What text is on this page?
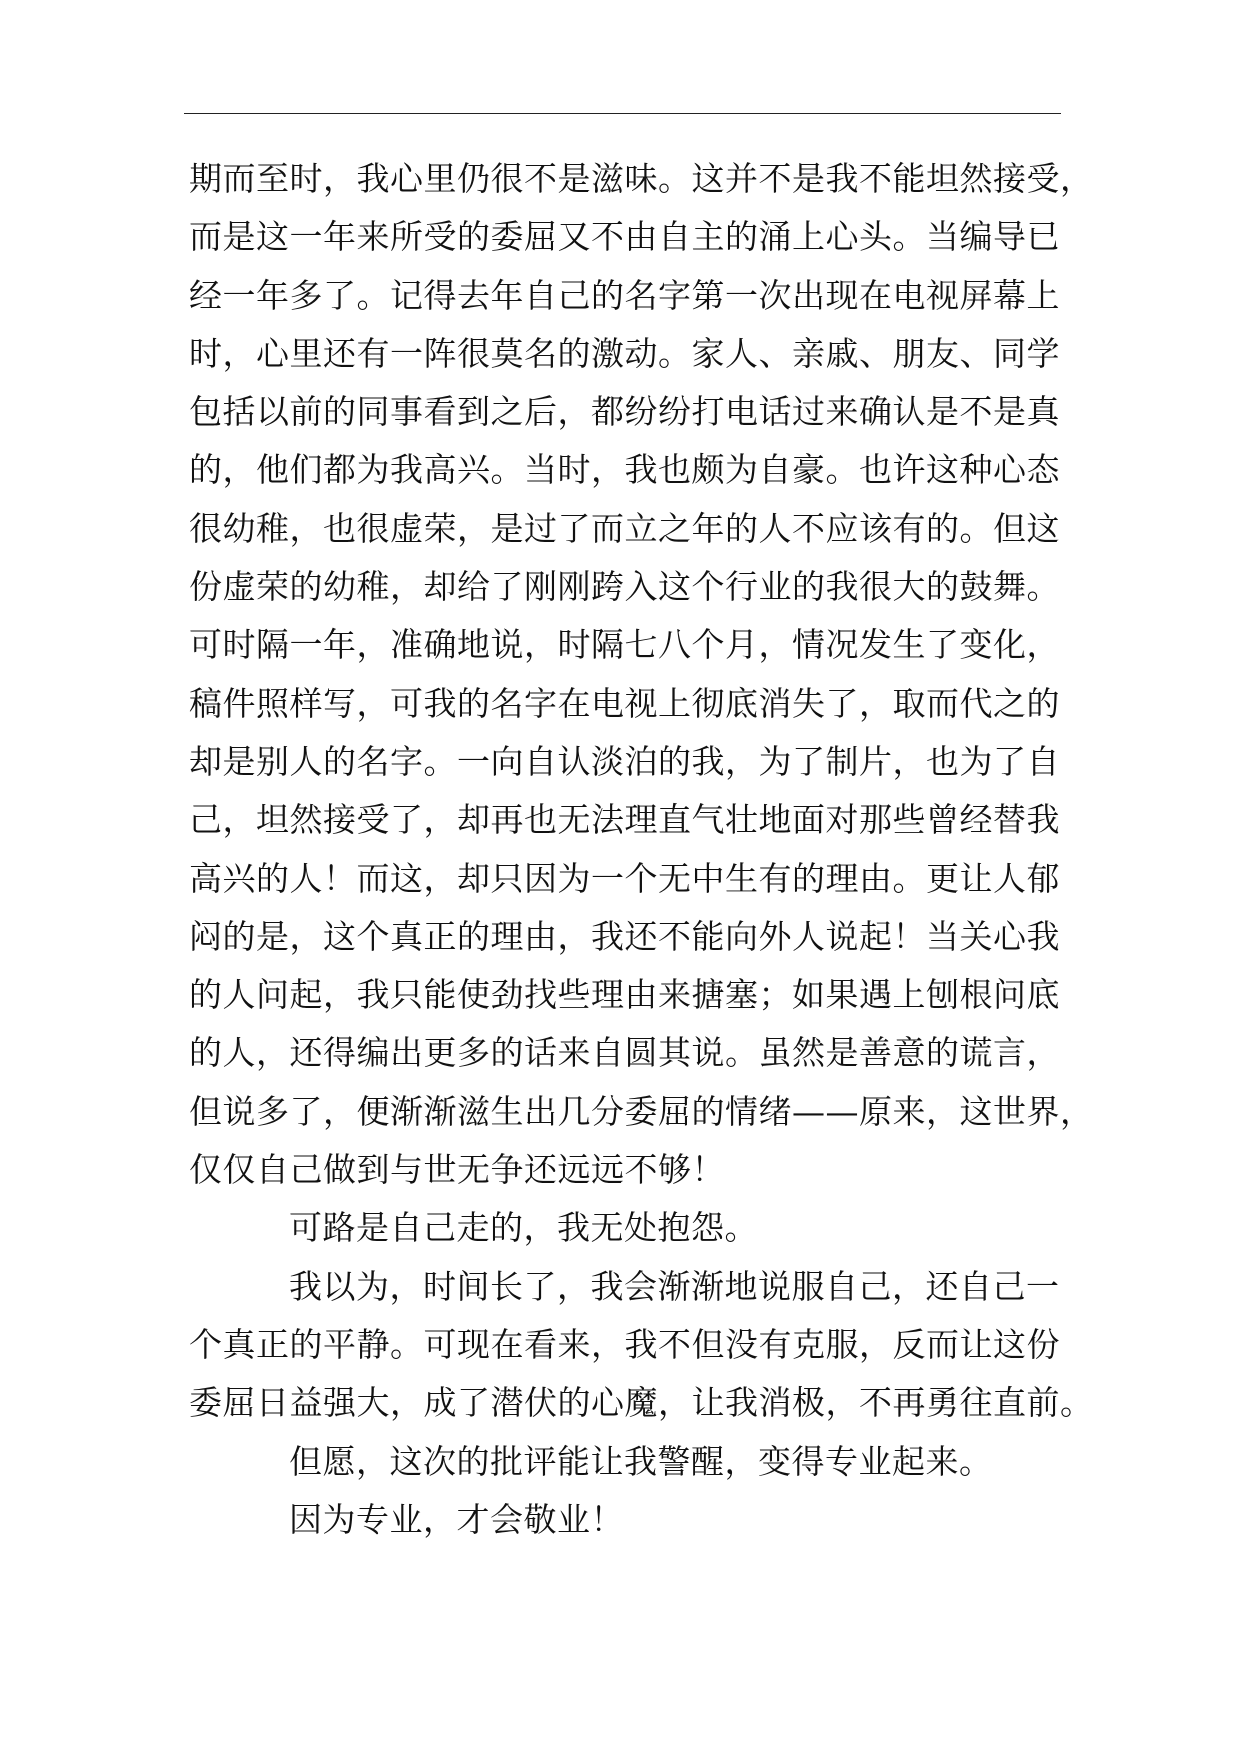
期而至时，我心里仍很不是滋味。这并不是我不能坦然接受，
而是这一年来所受的委屈又不由自主的涌上心头。当编导已
经一年多了。记得去年自己的名字第一次出现在电视屏幕上
时，心里还有一阵很莫名的激动。家人、亲戚、朋友、同学
包括以前的同事看到之后，都纷纷打电话过来确认是不是真
的，他们都为我高兴。当时，我也颇为自豪。也许这种心态
很幼稚，也很虚荣，是过了而立之年的人不应该有的。但这
份虚荣的幼稚，却给了刚刚跨入这个行业的我很大的鼓舞。
可时隔一年，准确地说，时隔七八个月，情况发生了变化，
稿件照样写，可我的名字在电视上彻底消失了，取而代之的
却是别人的名字。一向自认淡泊的我，为了制片，也为了自
己，坦然接受了，却再也无法理直气壮地面对那些曾经替我
高兴的人！而这，却只因为一个无中生有的理由。更让人郁
闷的是，这个真正的理由，我还不能向外人说起！当关心我
的人问起，我只能使劲找些理由来搪塞；如果遇上刨根问底
的人，还得编出更多的话来自圆其说。虽然是善意的谎言，
但说多了，便渐渐滋生出几分委屈的情绪——原来，这世界，
仅仅自己做到与世无争还远远不够！
可路是自己走的，我无处抱怨。
我以为，时间长了，我会渐渐地说服自己，还自己一
个真正的平静。可现在看来，我不但没有克服，反而让这份
委屈日益强大，成了潜伏的心魔，让我消极，不再勇往直前。
但愿，这次的批评能让我警醒，变得专业起来。
因为专业，才会敬业！
